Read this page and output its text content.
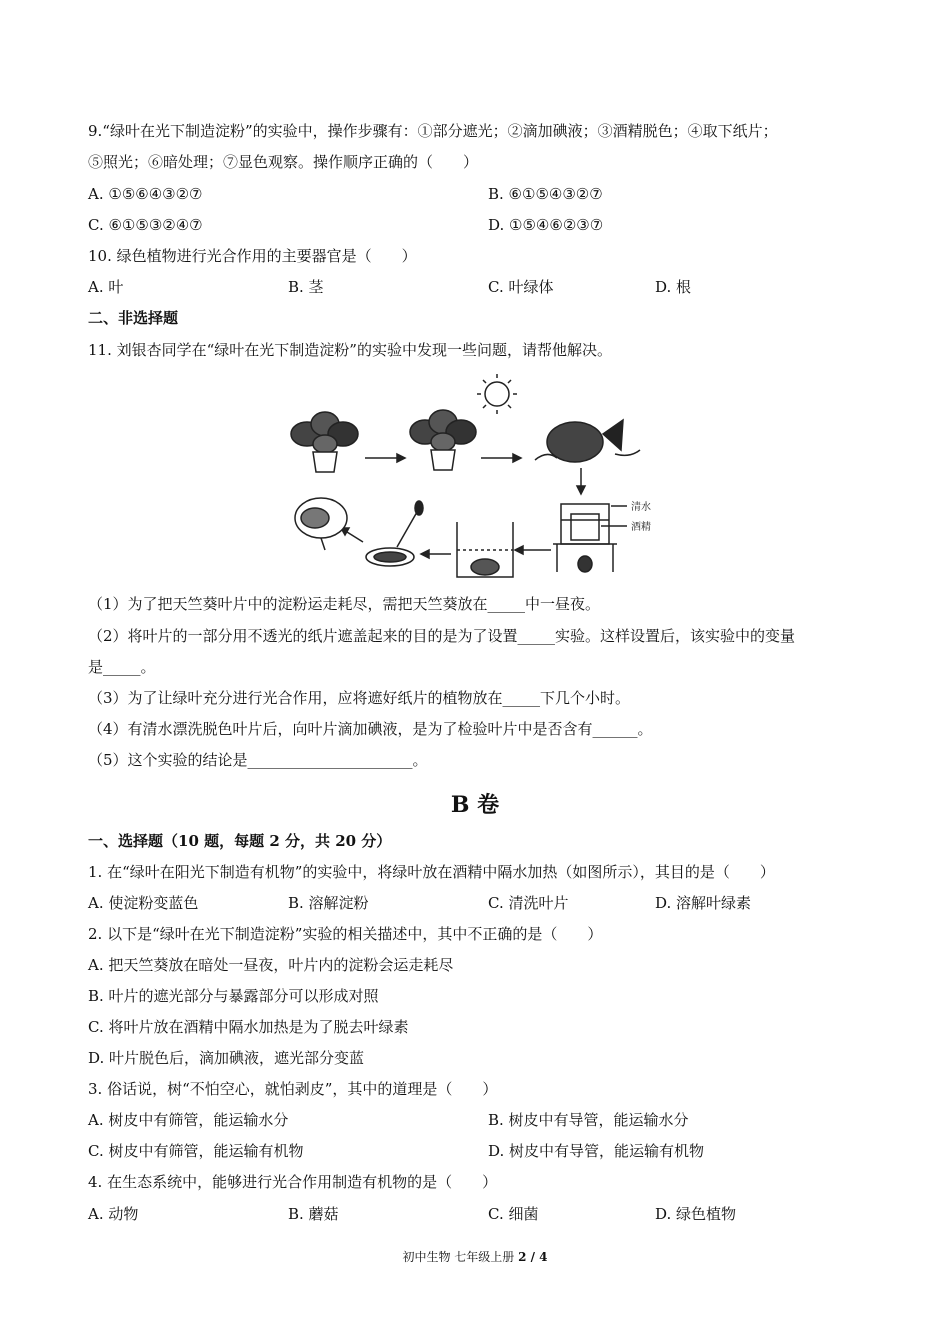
9.“绿叶在光下制造淀粉”的实验中，操作步骤有：①部分遮光；②滴加碘液；③酒精脱色；④取下纸片；
⑤照光；⑥暗处理；⑦显色观察。操作顺序正确的（　　）
A. ①⑤⑥④③②⑦	B. ⑥①⑤④③②⑦
C. ⑥①⑤③②④⑦	D. ①⑤④⑥②③⑦
10. 绿色植物进行光合作用的主要器官是（　　）
A. 叶	B. 茎	C. 叶绿体	D. 根
二、非选择题
11. 刘银杏同学在“绿叶在光下制造淀粉”的实验中发现一些问题，请帮他解决。
清水
酒精
（1）为了把天竺葵叶片中的淀粉运走耗尽，需把天竺葵放在_____中一昼夜。
（2）将叶片的一部分用不透光的纸片遮盖起来的目的是为了设置_____实验。这样设置后，该实验中的变量
是_____。
（3）为了让绿叶充分进行光合作用，应将遮好纸片的植物放在_____下几个小时。
（4）有清水漂洗脱色叶片后，向叶片滴加碘液，是为了检验叶片中是否含有______。
（5）这个实验的结论是______________________。
B 卷
一、选择题（10 题，每题 2 分，共 20 分）
1. 在“绿叶在阳光下制造有机物”的实验中，将绿叶放在酒精中隔水加热（如图所示），其目的是（　　）
A. 使淀粉变蓝色	B. 溶解淀粉	C. 清洗叶片	D. 溶解叶绿素
2. 以下是“绿叶在光下制造淀粉”实验的相关描述中，其中不正确的是（　　）
A. 把天竺葵放在暗处一昼夜，叶片内的淀粉会运走耗尽
B. 叶片的遮光部分与暴露部分可以形成对照
C. 将叶片放在酒精中隔水加热是为了脱去叶绿素
D. 叶片脱色后，滴加碘液，遮光部分变蓝
3. 俗话说，树“不怕空心，就怕剥皮”，其中的道理是（　　）
A. 树皮中有筛管，能运输水分	B. 树皮中有导管，能运输水分
C. 树皮中有筛管，能运输有机物	D. 树皮中有导管，能运输有机物
4. 在生态系统中，能够进行光合作用制造有机物的是（　　）
A. 动物	B. 蘑菇	C. 细菌	D. 绿色植物
初中生物 七年级上册 2 / 4
